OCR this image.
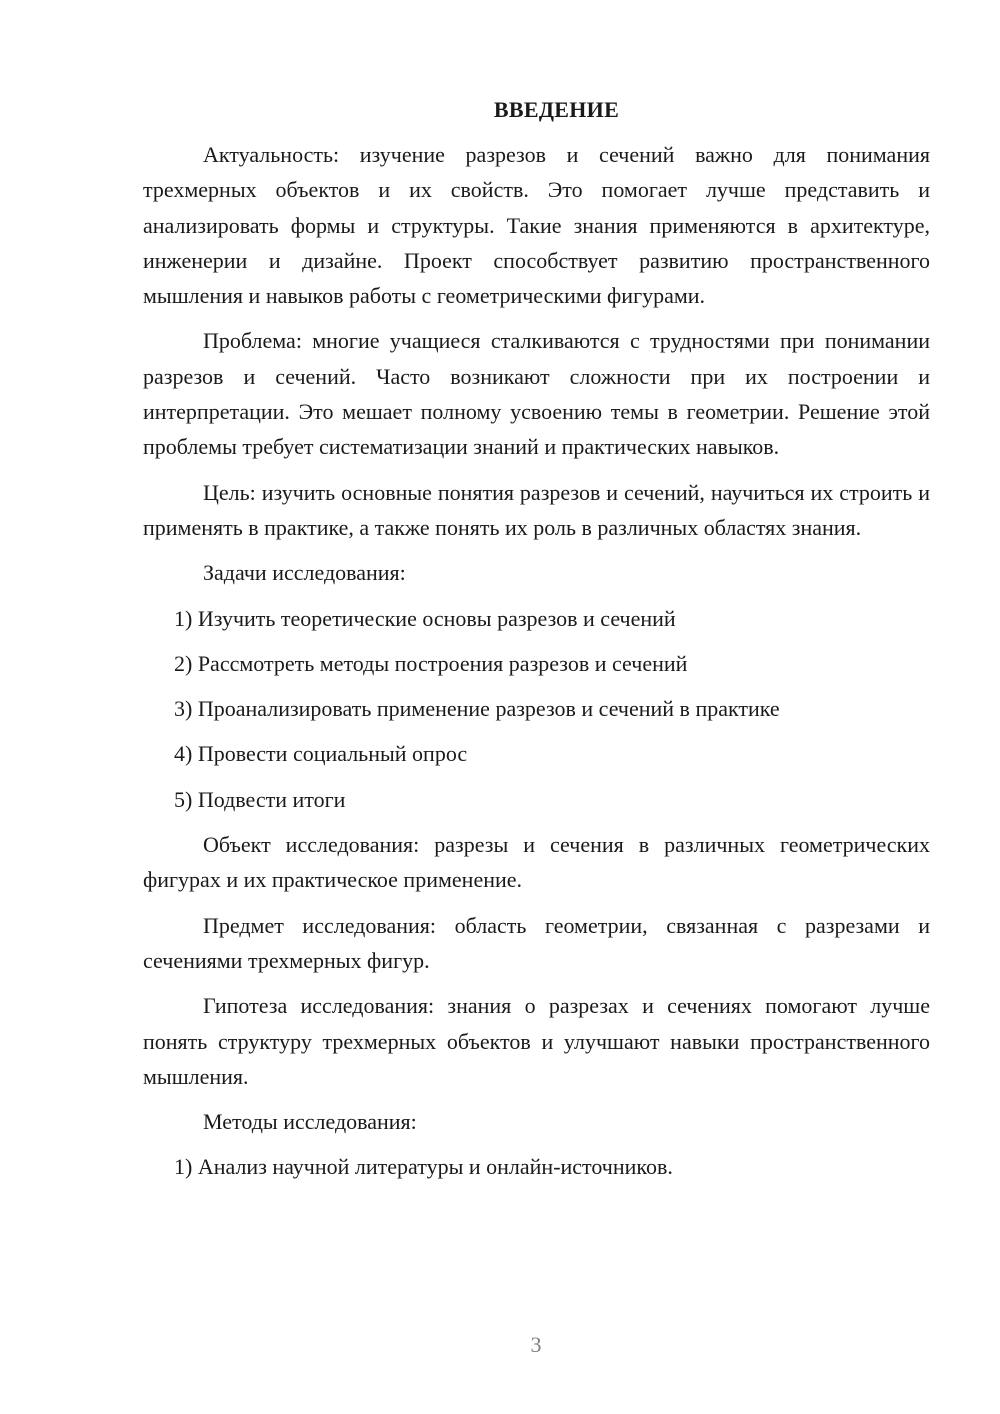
ВВЕДЕНИЕ

Актуальность: изучение разрезов и сечений важно для понимания трехмерных объектов и их свойств. Это помогает лучше представить и анализировать формы и структуры. Такие знания применяются в архитектуре, инженерии и дизайне. Проект способствует развитию пространственного мышления и навыков работы с геометрическими фигурами.

Проблема: многие учащиеся сталкиваются с трудностями при понимании разрезов и сечений. Часто возникают сложности при их построении и интерпретации. Это мешает полному усвоению темы в геометрии. Решение этой проблемы требует систематизации знаний и практических навыков.

Цель: изучить основные понятия разрезов и сечений, научиться их строить и применять в практике, а также понять их роль в различных областях знания.

Задачи исследования:

1) Изучить теоретические основы разрезов и сечений

2) Рассмотреть методы построения разрезов и сечений

3) Проанализировать применение разрезов и сечений в практике

4) Провести социальный опрос

5) Подвести итоги

Объект исследования: разрезы и сечения в различных геометрических фигурах и их практическое применение.

Предмет исследования: область геометрии, связанная с разрезами и сечениями трехмерных фигур.

Гипотеза исследования: знания о разрезах и сечениях помогают лучше понять структуру трехмерных объектов и улучшают навыки пространственного мышления.

Методы исследования:

1) Анализ научной литературы и онлайн-источников.

3
